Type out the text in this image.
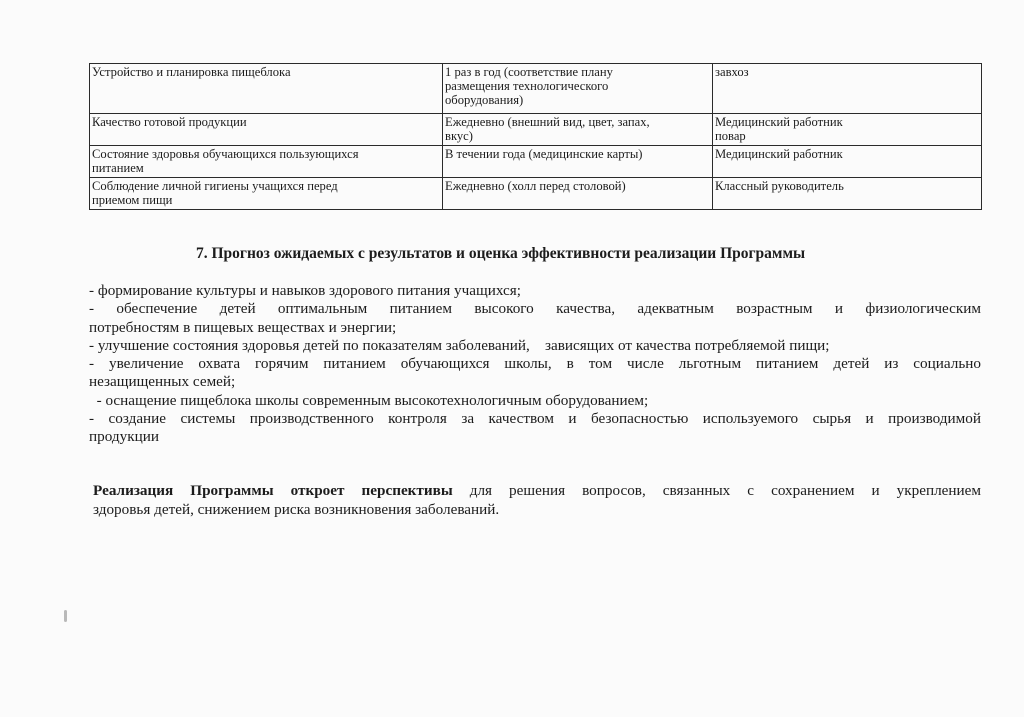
Устройство и планировка пищеблока	1 раз в год (соответствие плану
размещения технологического
оборудования)	завхоз

Качество готовой продукции	Ежедневно (внешний вид, цвет, запах,
вкус)	Медицинский работник
повар

Состояние здоровья обучающихся пользующихся
питанием	В течении года (медицинские карты)	Медицинский работник

Соблюдение личной гигиены учащихся перед
приемом пищи	Ежедневно (холл перед столовой)	Классный руководитель
7. Прогноз ожидаемых с результатов и оценка эффективности реализации Программы
- формирование культуры и навыков здорового питания учащихся;
- обеспечение детей оптимальным питанием высокого качества, адекватным возрастным и физиологическим
потребностям в пищевых веществах и энергии;
- улучшение состояния здоровья детей по показателям заболеваний,    зависящих от качества потребляемой пищи;
- увеличение охвата горячим питанием обучающихся школы, в том числе льготным питанием детей из социально
незащищенных семей;
- оснащение пищеблока школы современным высокотехнологичным оборудованием;
- создание системы производственного контроля за качеством и безопасностью используемого сырья и производимой
продукции
Реализация Программы откроет перспективы для решения вопросов, связанных с сохранением и укреплением
здоровья детей, снижением риска возникновения заболеваний.
